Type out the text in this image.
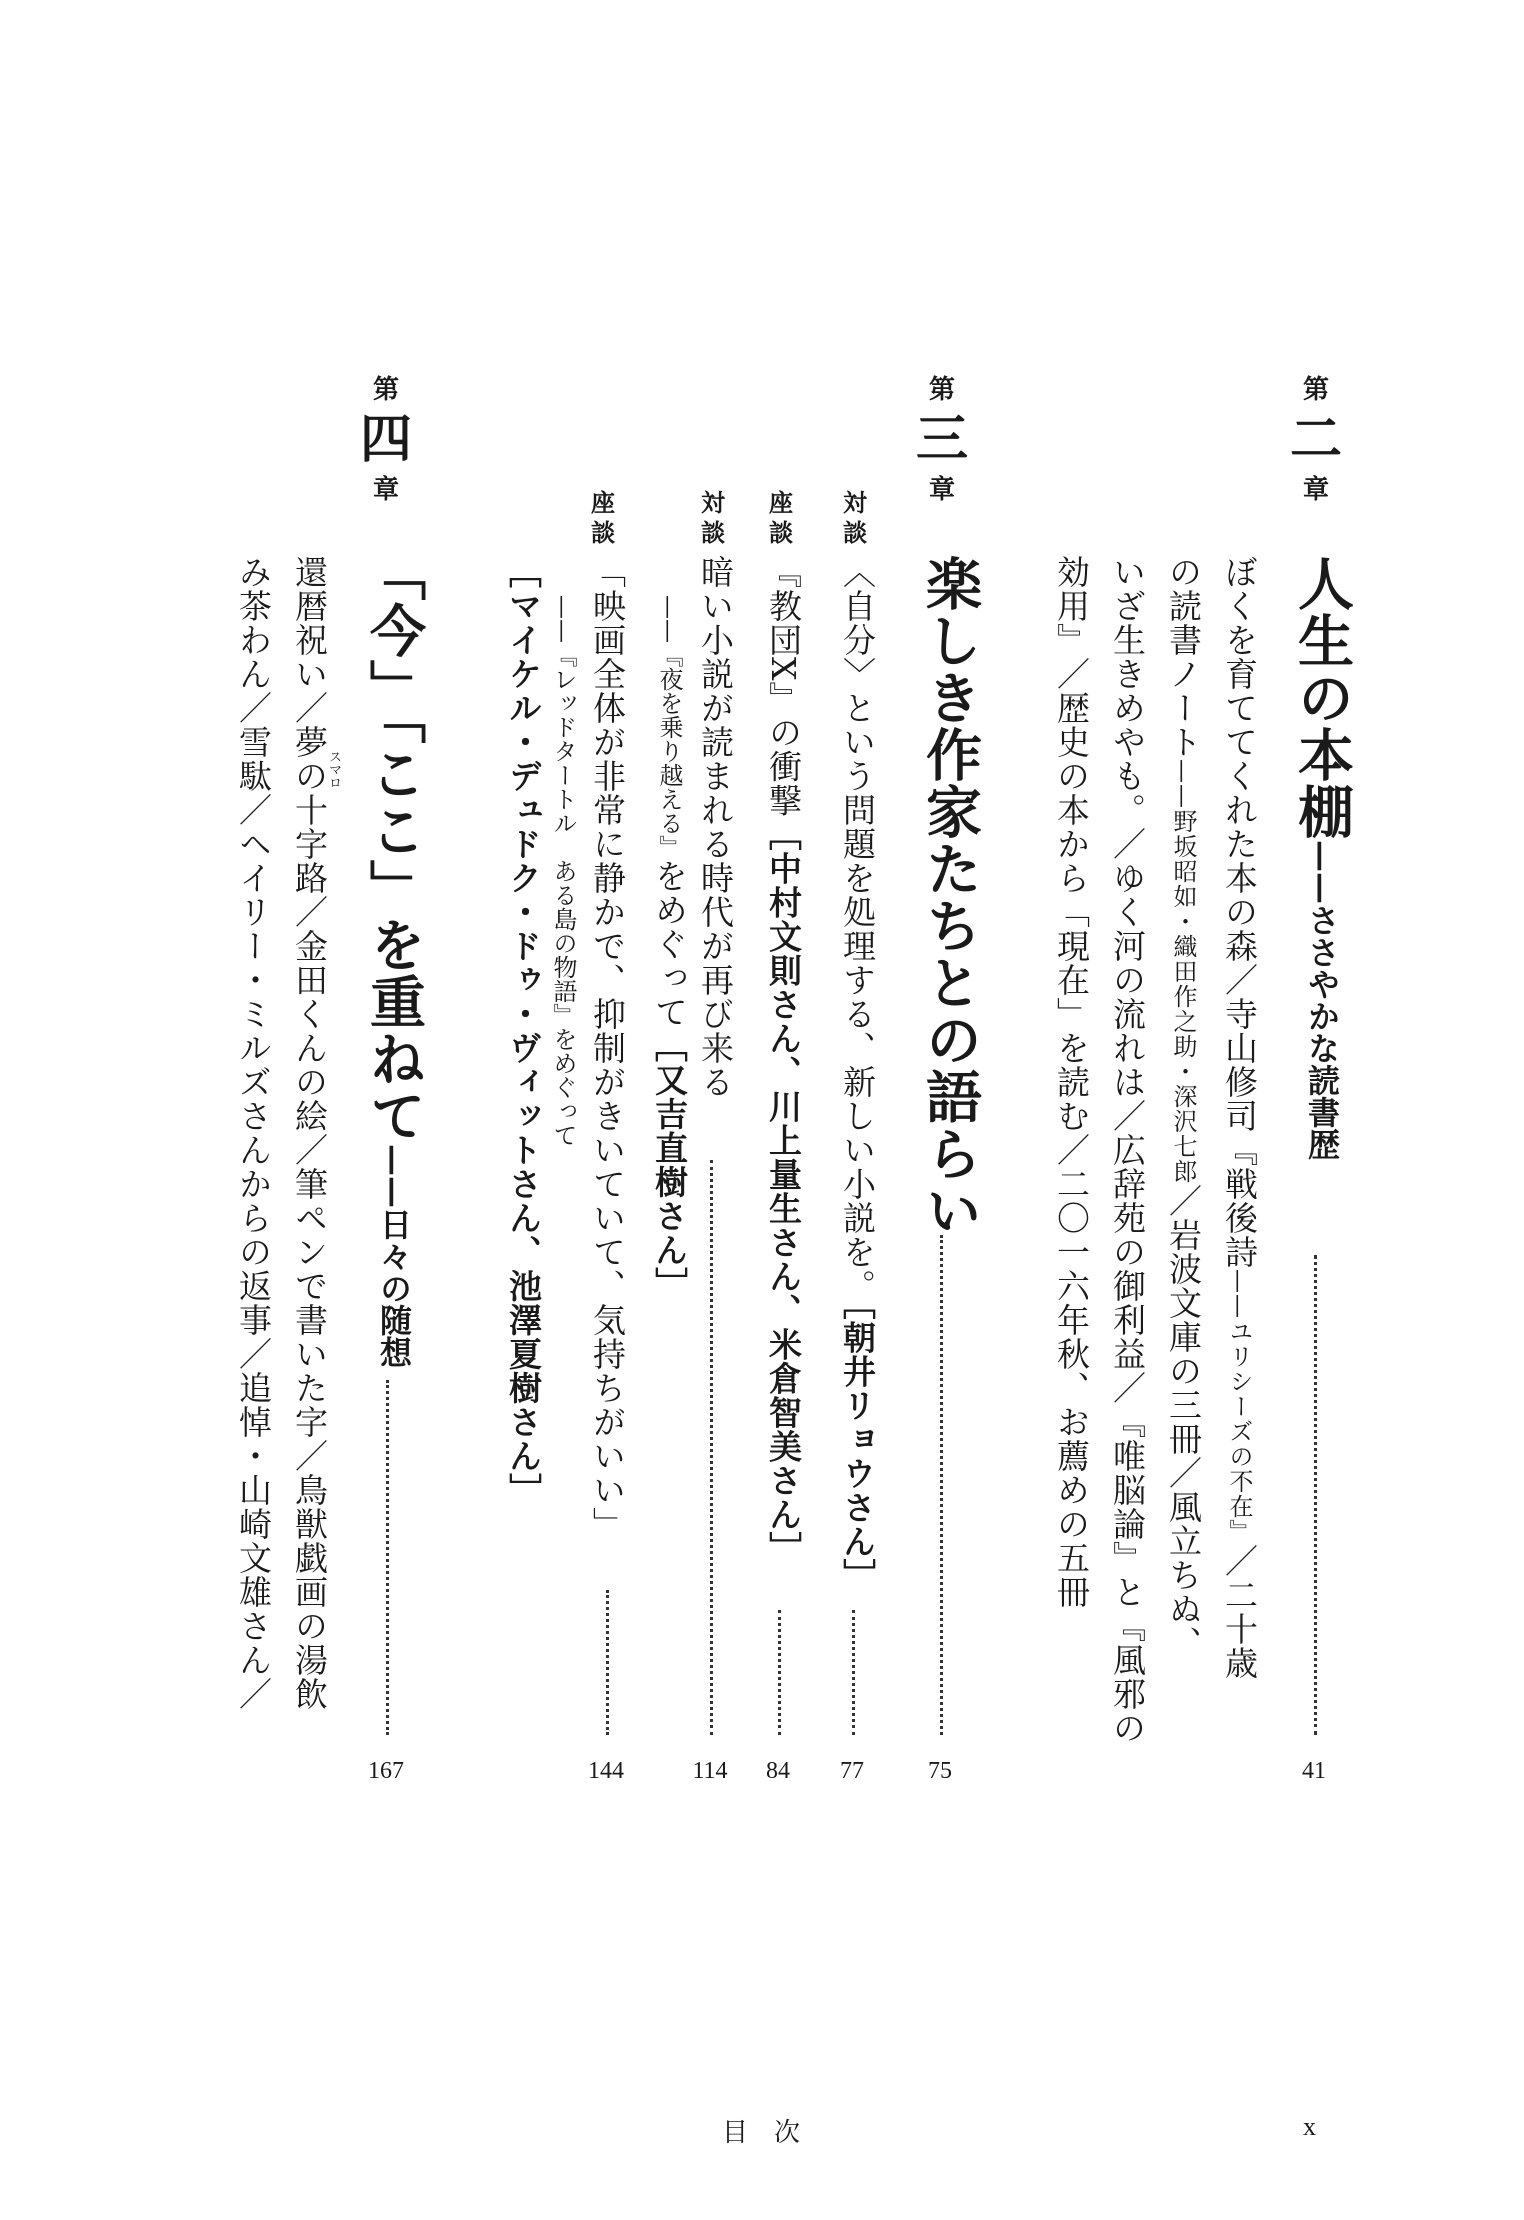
第
二
章
人生の本棚——ささやかな読書歴
41
ぼくを育ててくれた本の森／寺山修司『戦後詩——ユリシーズの不在』／二十歳
の読書ノート——野坂昭如・織田作之助・深沢七郎／岩波文庫の三冊／風立ちぬ、
いざ生きめやも。／ゆく河の流れは／広辞苑の御利益／『唯脳論』と『風邪の
効用』／歴史の本から「現在」を読む／二〇一六年秋、お薦めの五冊
第
三
章
楽しき作家たちとの語らい
75
対談
〈自分〉という問題を処理する、新しい小説を。［朝井リョウさん］
77
座談
『教団X』の衝撃［中村文則さん、川上量生さん、米倉智美さん］
84
対談
暗い小説が読まれる時代が再び来る
——『夜を乗り越える』をめぐって［又吉直樹さん］
114
座談
「映画全体が非常に静かで、抑制がきいていて、気持ちがいい」
——『レッドタートル　ある島の物語』をめぐって
［マイケル・デュドク・ドゥ・ヴィットさん、池澤夏樹さん］
144
第
四
章
「今」「ここ」を重ねて——日々の随想
167
還暦祝い／夢の十字路／金田くんの絵／筆ペンで書いた字／鳥獣戯画の湯飲
スマロ
み茶わん／雪駄／ヘイリー・ミルズさんからの返事／追悼・山崎文雄さん／
目　次	x
